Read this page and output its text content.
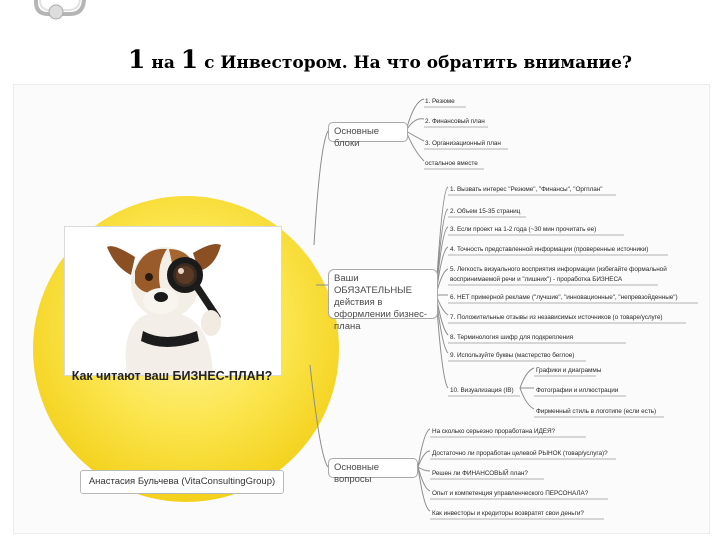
1 на 1 с Инвестором. На что обратить внимание?
Как читают ваш БИЗНЕС-ПЛАН?
Анастасия Бульчева (VitaConsultingGroup)
Основные блоки
Ваши ОБЯЗАТЕЛЬНЫЕ действия в оформлении бизнес-плана
Основные вопросы
1. Резюме
2. Финансовый план
3. Организационный план
остальное вместе
1. Вызвать интерес "Резюме", "Финансы", "Оргплан"
2. Объем 15-35 страниц
3. Если проект на 1-2 года (~30 мин прочитать ее)
4. Точность представленной информации (проверенные источники)
5. Легкость визуального восприятия информации (избегайте формальной
воспринимаемой речи и "лишних") - проработка БИЗНЕСА
6. НЕТ примерной рекламе ("лучшие", "инновационные", "непревзойденные")
7. Положительные отзывы из независимых источников (о товаре/услуге)
8. Терминология шифр для подкрепления
9. Используйте буквы (мастерство беглое)
Графики и диаграммы
10. Визуализация (IB)	Фотографии и иллюстрации
Фирменный стиль в логотипе (если есть)
На сколько серьезно проработана ИДЕЯ?
Достаточно ли проработан целевой РЫНОК (товар/услуга)?
Решен ли ФИНАНСОВЫЙ план?
Опыт и компетенция управленческого ПЕРСОНАЛА?
Как инвесторы и кредиторы возвратят свои деньги?
